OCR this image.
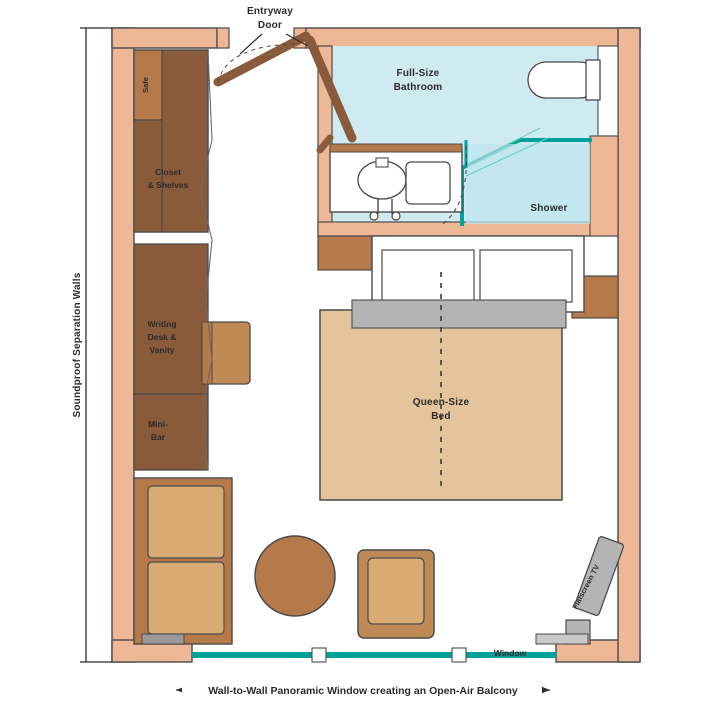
Full-Size
Bathroom
Shower
Safe
Closet
& Shelves
Writing
Desk &
Vanity
Mini-
Bar
Queen-Size
Bed
Flatscreen TV
Window
Soundproof Separation Walls
Entryway
Door
Wall-to-Wall Panoramic Window creating an Open-Air Balcony
